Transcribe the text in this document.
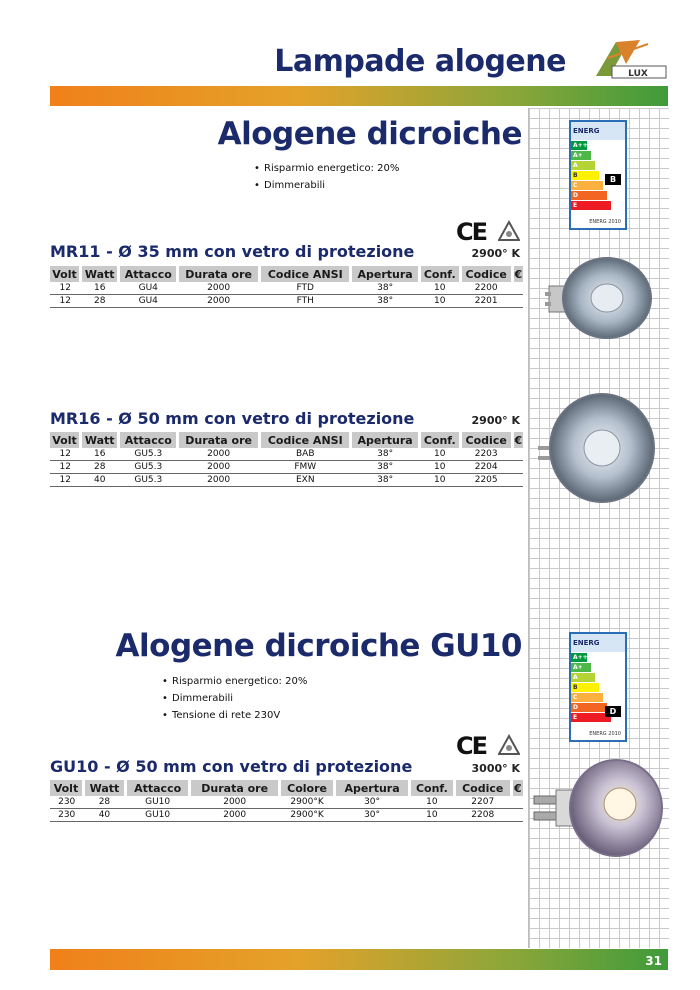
Lampade alogene	LUX
Alogene dicroiche
• Risparmio energetico: 20%
• Dimmerabili
ENERG
A++
A+
A
B
C
D
E
B
ENERG 2010
CE
MR11 - Ø 35 mm con vetro di protezione	2900° K
Volt	Watt	Attacco	Durata ore	Codice ANSI	Apertura	Conf.	Codice	€
12	16	GU4	2000	FTD	38°	10	2200	
12	28	GU4	2000	FTH	38°	10	2201	
MR16 - Ø 50 mm con vetro di protezione	2900° K
Volt	Watt	Attacco	Durata ore	Codice ANSI	Apertura	Conf.	Codice	€
12	16	GU5.3	2000	BAB	38°	10	2203	
12	28	GU5.3	2000	FMW	38°	10	2204	
12	40	GU5.3	2000	EXN	38°	10	2205	
Alogene dicroiche GU10
• Risparmio energetico: 20%
• Dimmerabili
• Tensione di rete 230V
ENERG
A++
A+
A
B
C
D
E
D
ENERG 2010
CE
GU10 - Ø 50 mm con vetro di protezione	3000° K
Volt	Watt	Attacco	Durata ore	Colore	Apertura	Conf.	Codice	€
230	28	GU10	2000	2900°K	30°	10	2207	
230	40	GU10	2000	2900°K	30°	10	2208	
31
